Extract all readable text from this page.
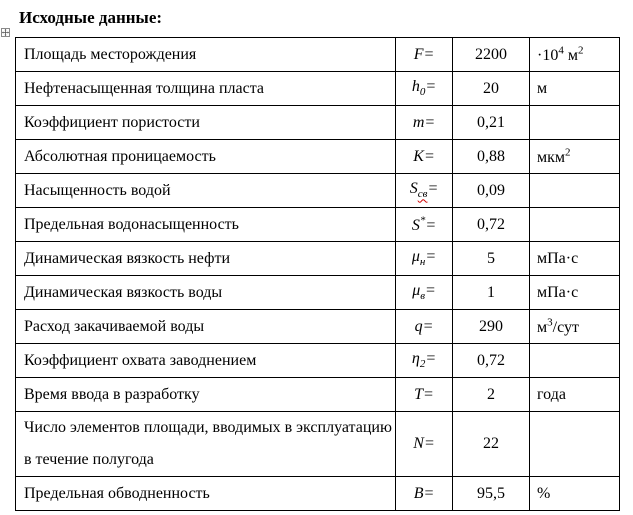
Исходные данные:
Площадь месторождения	F=	2200	$\cdot 10^4$ $м^2$
Нефтенасыщенная толщина пласта	$h_0=$	20	м
Коэффициент пористости	m=	0,21	
Абсолютная проницаемость	K=	0,88	мкм$^2$
Насыщенность водой	$S_{св}=$	0,09	
Предельная водонасыщенность	S*=	0,72	
Динамическая вязкость нефти	$\mu_н=$	5	мПа·с
Динамическая вязкость воды	$\mu_в=$	1	мПа·с
Расход закачиваемой воды	q=	290	$м^3$/сут
Коэффициент охвата заводнением	$\eta_2=$	0,72	
Время ввода в разработку	T=	2	года
Число элементов площади, вводимых в эксплуатацию в течение полугода	N=	22	
Предельная обводненность	B=	95,5	%
